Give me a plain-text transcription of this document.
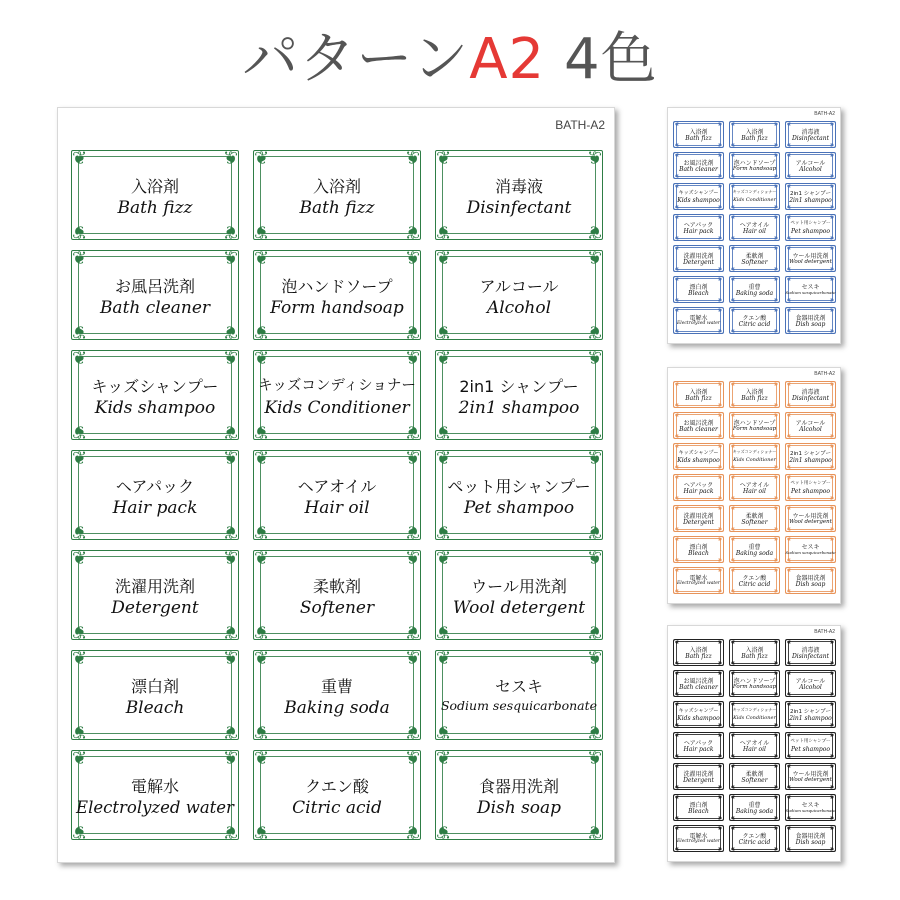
パターンA2 4色
BATH-A2
❦	❦
❦	❦
入浴剤
Bath fizz
❦	❦
❦	❦
入浴剤
Bath fizz
❦	❦
❦	❦
消毒液
Disinfectant
❦	❦
❦	❦
お風呂洗剤
Bath cleaner
❦	❦
❦	❦
泡ハンドソープ
Form handsoap
❦	❦
❦	❦
アルコール
Alcohol
❦	❦
❦	❦
キッズシャンプー
Kids shampoo
❦	❦
❦	❦
キッズコンディショナー
Kids Conditioner
❦	❦
❦	❦
2in1 シャンプー
2in1 shampoo
❦	❦
❦	❦
ヘアパック
Hair pack
❦	❦
❦	❦
ヘアオイル
Hair oil
❦	❦
❦	❦
ペット用シャンプー
Pet shampoo
❦	❦
❦	❦
洗濯用洗剤
Detergent
❦	❦
❦	❦
柔軟剤
Softener
❦	❦
❦	❦
ウール用洗剤
Wool detergent
❦	❦
❦	❦
漂白剤
Bleach
❦	❦
❦	❦
重曹
Baking soda
❦	❦
❦	❦
セスキ
Sodium sesquicarbonate
❦	❦
❦	❦
電解水
Electrolyzed water
❦	❦
❦	❦
クエン酸
Citric acid
❦	❦
❦	❦
食器用洗剤
Dish soap
BATH-A2
❦	❦
❦	❦
入浴剤
Bath fizz
❦	❦
❦	❦
入浴剤
Bath fizz
❦	❦
❦	❦
消毒液
Disinfectant
❦	❦
❦	❦
お風呂洗剤
Bath cleaner
❦	❦
❦	❦
泡ハンドソープ
Form handsoap
❦	❦
❦	❦
アルコール
Alcohol
❦	❦
❦	❦
キッズシャンプー
Kids shampoo
❦	❦
❦	❦
キッズコンディショナー
Kids Conditioner
❦	❦
❦	❦
2in1 シャンプー
2in1 shampoo
❦	❦
❦	❦
ヘアパック
Hair pack
❦	❦
❦	❦
ヘアオイル
Hair oil
❦	❦
❦	❦
ペット用シャンプー
Pet shampoo
❦	❦
❦	❦
洗濯用洗剤
Detergent
❦	❦
❦	❦
柔軟剤
Softener
❦	❦
❦	❦
ウール用洗剤
Wool detergent
❦	❦
❦	❦
漂白剤
Bleach
❦	❦
❦	❦
重曹
Baking soda
❦	❦
❦	❦
セスキ
Sodium sesquicarbonate
❦	❦
❦	❦
電解水
Electrolyzed water
❦	❦
❦	❦
クエン酸
Citric acid
❦	❦
❦	❦
食器用洗剤
Dish soap
BATH-A2
❦	❦
❦	❦
入浴剤
Bath fizz
❦	❦
❦	❦
入浴剤
Bath fizz
❦	❦
❦	❦
消毒液
Disinfectant
❦	❦
❦	❦
お風呂洗剤
Bath cleaner
❦	❦
❦	❦
泡ハンドソープ
Form handsoap
❦	❦
❦	❦
アルコール
Alcohol
❦	❦
❦	❦
キッズシャンプー
Kids shampoo
❦	❦
❦	❦
キッズコンディショナー
Kids Conditioner
❦	❦
❦	❦
2in1 シャンプー
2in1 shampoo
❦	❦
❦	❦
ヘアパック
Hair pack
❦	❦
❦	❦
ヘアオイル
Hair oil
❦	❦
❦	❦
ペット用シャンプー
Pet shampoo
❦	❦
❦	❦
洗濯用洗剤
Detergent
❦	❦
❦	❦
柔軟剤
Softener
❦	❦
❦	❦
ウール用洗剤
Wool detergent
❦	❦
❦	❦
漂白剤
Bleach
❦	❦
❦	❦
重曹
Baking soda
❦	❦
❦	❦
セスキ
Sodium sesquicarbonate
❦	❦
❦	❦
電解水
Electrolyzed water
❦	❦
❦	❦
クエン酸
Citric acid
❦	❦
❦	❦
食器用洗剤
Dish soap
BATH-A2
❦	❦
❦	❦
入浴剤
Bath fizz
❦	❦
❦	❦
入浴剤
Bath fizz
❦	❦
❦	❦
消毒液
Disinfectant
❦	❦
❦	❦
お風呂洗剤
Bath cleaner
❦	❦
❦	❦
泡ハンドソープ
Form handsoap
❦	❦
❦	❦
アルコール
Alcohol
❦	❦
❦	❦
キッズシャンプー
Kids shampoo
❦	❦
❦	❦
キッズコンディショナー
Kids Conditioner
❦	❦
❦	❦
2in1 シャンプー
2in1 shampoo
❦	❦
❦	❦
ヘアパック
Hair pack
❦	❦
❦	❦
ヘアオイル
Hair oil
❦	❦
❦	❦
ペット用シャンプー
Pet shampoo
❦	❦
❦	❦
洗濯用洗剤
Detergent
❦	❦
❦	❦
柔軟剤
Softener
❦	❦
❦	❦
ウール用洗剤
Wool detergent
❦	❦
❦	❦
漂白剤
Bleach
❦	❦
❦	❦
重曹
Baking soda
❦	❦
❦	❦
セスキ
Sodium sesquicarbonate
❦	❦
❦	❦
電解水
Electrolyzed water
❦	❦
❦	❦
クエン酸
Citric acid
❦	❦
❦	❦
食器用洗剤
Dish soap
